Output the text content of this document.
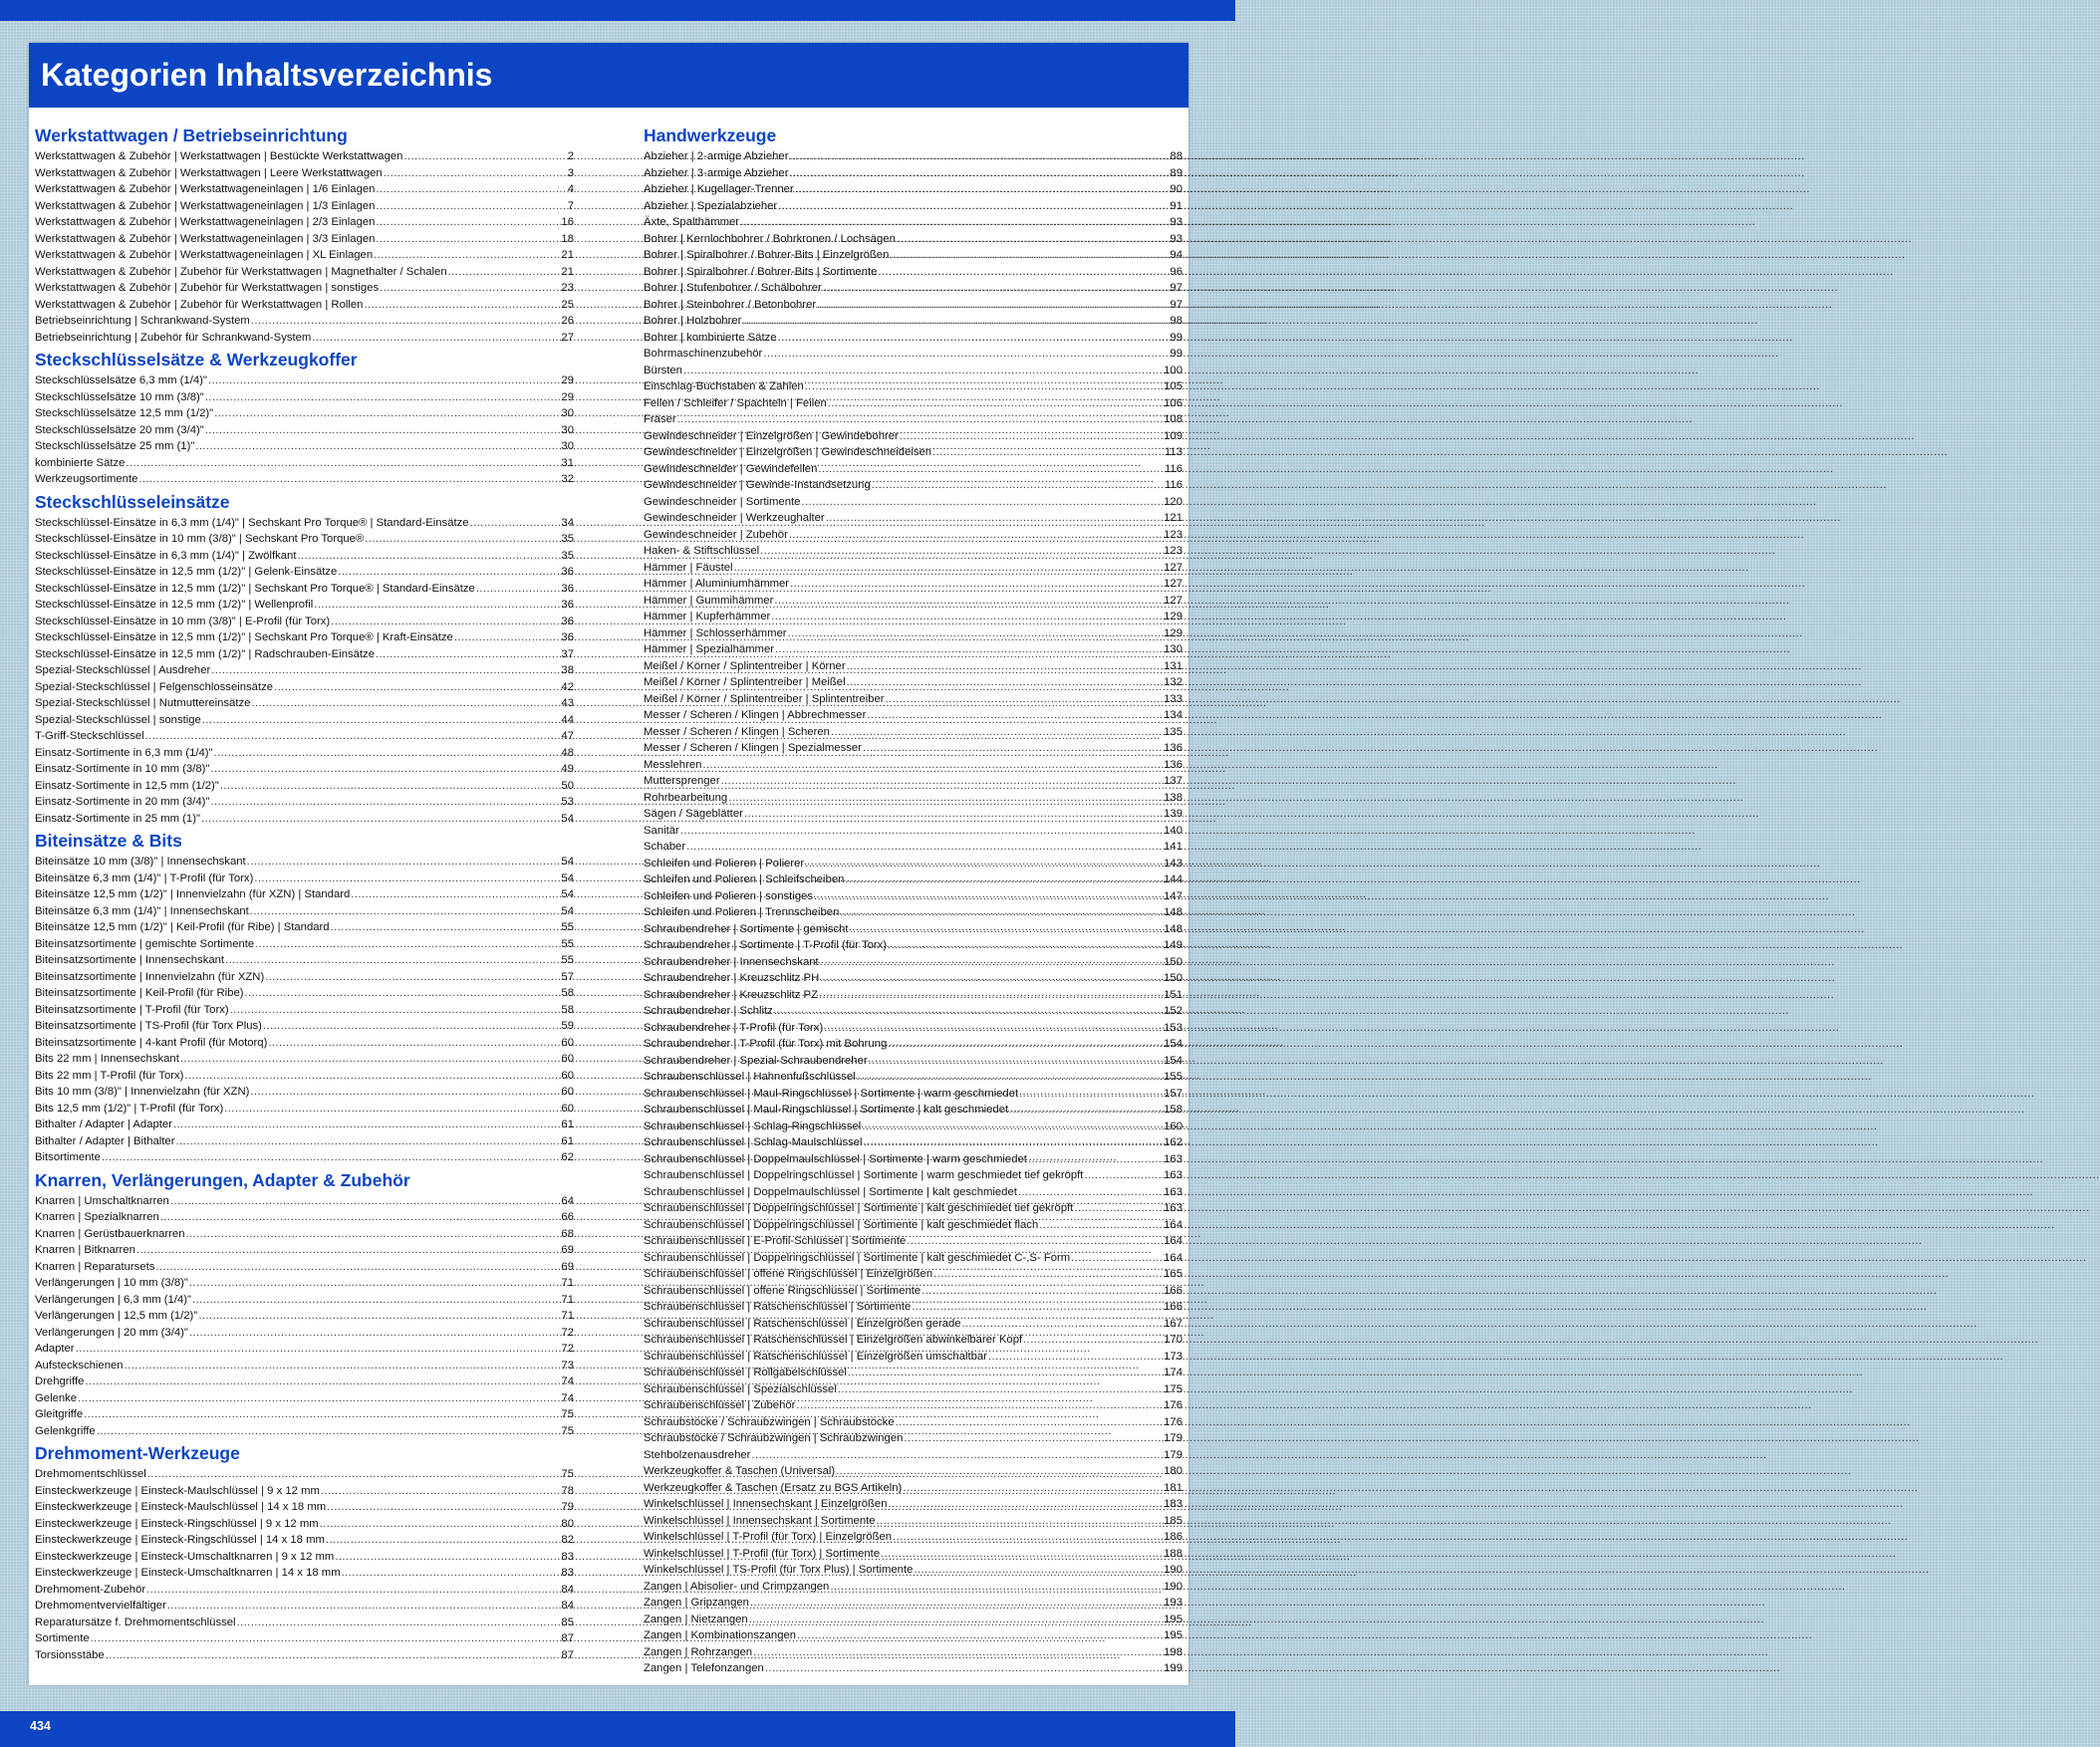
Kategorien Inhaltsverzeichnis
Werkstattwagen / Betriebseinrichtung
Werkstattwagen & Zubehör | Werkstattwagen | Bestückte Werkstattwagen .....	2
Werkstattwagen & Zubehör | Werkstattwagen | Leere Werkstattwagen .....	3
Werkstattwagen & Zubehör | Werkstattwageneinlagen | 1/6 Einlagen .....	4
Werkstattwagen & Zubehör | Werkstattwageneinlagen | 1/3 Einlagen .....	7
Werkstattwagen & Zubehör | Werkstattwageneinlagen | 2/3 Einlagen .....	16
Werkstattwagen & Zubehör | Werkstattwageneinlagen | 3/3 Einlagen .....	18
Werkstattwagen & Zubehör | Werkstattwageneinlagen | XL Einlagen .....	21
Werkstattwagen & Zubehör | Zubehör für Werkstattwagen | Magnethalter / Schalen .....	21
Werkstattwagen & Zubehör | Zubehör für Werkstattwagen | sonstiges .....	23
Werkstattwagen & Zubehör | Zubehör für Werkstattwagen | Rollen .....	25
Betriebseinrichtung | Schrankwand-System .....	26
Betriebseinrichtung | Zubehör für Schrankwand-System .....	27
Steckschlüsselsätze & Werkzeugkoffer
Steckschlüsselsätze 6,3 mm (1/4)" .....	29
Steckschlüsselsätze 10 mm (3/8)" .....	29
Steckschlüsselsätze 12,5 mm (1/2)" .....	30
Steckschlüsselsätze 20 mm (3/4)" .....	30
Steckschlüsselsätze 25 mm (1)" .....	30
kombinierte Sätze .....	31
Werkzeugsortimente .....	32
Steckschlüsseleinsätze
Steckschlüssel-Einsätze in 6,3 mm (1/4)" | Sechskant Pro Torque® | Standard-Einsätze .....	34
Steckschlüssel-Einsätze in 10 mm (3/8)" | Sechskant Pro Torque® .....	35
Steckschlüssel-Einsätze in 6,3 mm (1/4)" | Zwölfkant .....	35
Steckschlüssel-Einsätze in 12,5 mm (1/2)" | Gelenk-Einsätze .....	36
Steckschlüssel-Einsätze in 12,5 mm (1/2)" | Sechskant Pro Torque® | Standard-Einsätze .....	36
Steckschlüssel-Einsätze in 12,5 mm (1/2)" | Wellenprofil .....	36
Steckschlüssel-Einsätze in 10 mm (3/8)" | E-Profil (für Torx) .....	36
Steckschlüssel-Einsätze in 12,5 mm (1/2)" | Sechskant Pro Torque® | Kraft-Einsätze .....	36
Steckschlüssel-Einsätze in 12,5 mm (1/2)" | Radschrauben-Einsätze .....	37
Spezial-Steckschlüssel | Ausdreher .....	38
Spezial-Steckschlüssel | Felgenschlosseinsätze .....	42
Spezial-Steckschlüssel | Nutmuttereinsätze .....	43
Spezial-Steckschlüssel | sonstige .....	44
T-Griff-Steckschlüssel .....	47
Einsatz-Sortimente in 6,3 mm (1/4)" .....	48
Einsatz-Sortimente in 10 mm (3/8)" .....	49
Einsatz-Sortimente in 12,5 mm (1/2)" .....	50
Einsatz-Sortimente in 20 mm (3/4)" .....	53
Einsatz-Sortimente in 25 mm (1)" .....	54
Biteinsätze & Bits
Biteinsätze 10 mm (3/8)" | Innensechskant .....	54
Biteinsätze 6,3 mm (1/4)" | T-Profil (für Torx) .....	54
Biteinsätze 12,5 mm (1/2)" | Innenvielzahn (für XZN) | Standard .....	54
Biteinsätze 6,3 mm (1/4)" | Innensechskant .....	54
Biteinsätze 12,5 mm (1/2)" | Keil-Profil (für Ribe) | Standard .....	55
Biteinsatzsortimente | gemischte Sortimente .....	55
Biteinsatzsortimente | Innensechskant .....	55
Biteinsatzsortimente | Innenvielzahn (für XZN) .....	57
Biteinsatzsortimente | Keil-Profil (für Ribe) .....	58
Biteinsatzsortimente | T-Profil (für Torx) .....	58
Biteinsatzsortimente | TS-Profil (für Torx Plus) .....	59
Biteinsatzsortimente | 4-kant Profil (für Motorq) .....	60
Bits 22 mm | Innensechskant .....	60
Bits 22 mm | T-Profil (für Torx) .....	60
Bits 10 mm (3/8)" | Innenvielzahn (für XZN) .....	60
Bits 12,5 mm (1/2)" | T-Profil (für Torx) .....	60
Bithalter / Adapter | Adapter .....	61
Bithalter / Adapter | Bithalter .....	61
Bitsortimente .....	62
Knarren, Verlängerungen, Adapter & Zubehör
Knarren | Umschaltknarren .....	64
Knarren | Spezialknarren .....	66
Knarren | Gerüstbauerknarren .....	68
Knarren | Bitknarren .....	69
Knarren | Reparatursets .....	69
Verlängerungen | 10 mm (3/8)" .....	71
Verlängerungen | 6,3 mm (1/4)" .....	71
Verlängerungen | 12,5 mm (1/2)" .....	71
Verlängerungen | 20 mm (3/4)" .....	72
Adapter .....	72
Aufsteckschienen .....	73
Drehgriffe .....	74
Gelenke .....	74
Gleitgriffe .....	75
Gelenkgriffe .....	75
Drehmoment-Werkzeuge
Drehmomentschlüssel .....	75
Einsteckwerkzeuge | Einsteck-Maulschlüssel | 9 x 12 mm .....	78
Einsteckwerkzeuge | Einsteck-Maulschlüssel | 14 x 18 mm .....	79
Einsteckwerkzeuge | Einsteck-Ringschlüssel | 9 x 12 mm .....	80
Einsteckwerkzeuge | Einsteck-Ringschlüssel | 14 x 18 mm .....	82
Einsteckwerkzeuge | Einsteck-Umschaltknarren | 9 x 12 mm .....	83
Einsteckwerkzeuge | Einsteck-Umschaltknarren | 14 x 18 mm .....	83
Drehmoment-Zubehör .....	84
Drehmomentvervielfältiger .....	84
Reparatursätze f. Drehmomentschlüssel .....	85
Sortimente .....	87
Torsionsstäbe .....	87
Handwerkzeuge
Abzieher | 2-armige Abzieher .....	88
Abzieher | 3-armige Abzieher .....	89
Abzieher | Kugellager-Trenner .....	90
Abzieher | Spezialabzieher .....	91
Äxte, Spalthämmer .....	93
Bohrer | Kernlochbohrer / Bohrkronen / Lochsägen .....	93
Bohrer | Spiralbohrer / Bohrer-Bits | Einzelgrößen .....	94
Bohrer | Spiralbohrer / Bohrer-Bits | Sortimente .....	96
Bohrer | Stufenbohrer / Schälbohrer .....	97
Bohrer | Steinbohrer / Betonbohrer .....	97
Bohrer | Holzbohrer .....	98
Bohrer | kombinierte Sätze .....	99
Bohrmaschinenzubehör .....	99
Bürsten .....	100
Einschlag-Buchstaben & Zahlen .....	105
Feilen / Schleifer / Spachteln | Feilen .....	106
Fräser .....	108
Gewindeschneider | Einzelgrößen | Gewindebohrer .....	109
Gewindeschneider | Einzelgrößen | Gewindeschneideisen .....	113
Gewindeschneider | Gewindefeilen .....	116
Gewindeschneider | Gewinde-Instandsetzung .....	116
Gewindeschneider | Sortimente .....	120
Gewindeschneider | Werkzeughalter .....	121
Gewindeschneider | Zubehör .....	123
Haken- & Stiftschlüssel .....	123
Hämmer | Fäustel .....	127
Hämmer | Aluminiumhämmer .....	127
Hämmer | Gummihämmer .....	127
Hämmer | Kupferhämmer .....	129
Hämmer | Schlosserhämmer .....	129
Hämmer | Spezialhämmer .....	130
Meißel / Körner / Splintentreiber | Körner .....	131
Meißel / Körner / Splintentreiber | Meißel .....	132
Meißel / Körner / Splintentreiber | Splintentreiber .....	133
Messer / Scheren / Klingen | Abbrechmesser .....	134
Messer / Scheren / Klingen | Scheren .....	135
Messer / Scheren / Klingen | Spezialmesser .....	136
Messlehren .....	136
Muttersprenger .....	137
Rohrbearbeitung .....	138
Sägen / Sägeblätter .....	139
Sanitär .....	140
Schaber .....	141
Schleifen und Polieren | Polierer .....	143
Schleifen und Polieren | Schleifscheiben .....	144
Schleifen und Polieren | sonstiges .....	147
Schleifen und Polieren | Trennscheiben .....	148
Schraubendreher | Sortimente | gemischt .....	148
Schraubendreher | Sortimente | T-Profil (für Torx) .....	149
Schraubendreher | Innensechskant .....	150
Schraubendreher | Kreuzschlitz PH .....	150
Schraubendreher | Kreuzschlitz PZ .....	151
Schraubendreher | Schlitz .....	152
Schraubendreher | T-Profil (für Torx) .....	153
Schraubendreher | T-Profil (für Torx) mit Bohrung .....	154
Schraubendreher | Spezial-Schraubendreher .....	154
Schraubenschlüssel | Hahnenfußschlüssel .....	155
Schraubenschlüssel | Maul-Ringschlüssel | Sortimente | warm geschmiedet .....	157
Schraubenschlüssel | Maul-Ringschlüssel | Sortimente | kalt geschmiedet .....	158
Schraubenschlüssel | Schlag-Ringschlüssel .....	160
Schraubenschlüssel | Schlag-Maulschlüssel .....	162
Schraubenschlüssel | Doppelmaulschlüssel | Sortimente | warm geschmiedet .....	163
Schraubenschlüssel | Doppelringschlüssel | Sortimente | warm geschmiedet tief gekröpft .....	163
Schraubenschlüssel | Doppelmaulschlüssel | Sortimente | kalt geschmiedet .....	163
Schraubenschlüssel | Doppelringschlüssel | Sortimente | kalt geschmiedet tief gekröpft .....	163
Schraubenschlüssel | Doppelringschlüssel | Sortimente | kalt geschmiedet flach .....	164
Schraubenschlüssel | E-Profil-Schlüssel | Sortimente .....	164
Schraubenschlüssel | Doppelringschlüssel | Sortimente | kalt geschmiedet C-,S- Form .....	164
Schraubenschlüssel | offene Ringschlüssel | Einzelgrößen .....	165
Schraubenschlüssel | offene Ringschlüssel | Sortimente .....	166
Schraubenschlüssel | Ratschenschlüssel | Sortimente .....	166
Schraubenschlüssel | Ratschenschlüssel | Einzelgrößen gerade .....	167
Schraubenschlüssel | Ratschenschlüssel | Einzelgrößen abwinkelbarer Kopf .....	170
Schraubenschlüssel | Ratschenschlüssel | Einzelgrößen umschaltbar .....	173
Schraubenschlüssel | Rollgabelschlüssel .....	174
Schraubenschlüssel | Spezialschlüssel .....	175
Schraubenschlüssel | Zubehör .....	176
Schraubstöcke / Schraubzwingen | Schraubstöcke .....	176
Schraubstöcke / Schraubzwingen | Schraubzwingen .....	179
Stehbolzenausdreher .....	179
Werkzeugkoffer & Taschen (Universal) .....	180
Werkzeugkoffer & Taschen (Ersatz zu BGS Artikeln) .....	181
Winkelschlüssel | Innensechskant | Einzelgrößen .....	183
Winkelschlüssel | Innensechskant | Sortimente .....	185
Winkelschlüssel | T-Profil (für Torx) | Einzelgrößen .....	186
Winkelschlüssel | T-Profil (für Torx) | Sortimente .....	188
Winkelschlüssel | TS-Profil (für Torx Plus) | Sortimente .....	190
Zangen | Abisolier- und Crimpzangen .....	190
Zangen | Gripzangen .....	193
Zangen | Nietzangen .....	195
Zangen | Kombinationszangen .....	195
Zangen | Rohrzangen .....	198
Zangen | Telefonzangen .....	199
434
